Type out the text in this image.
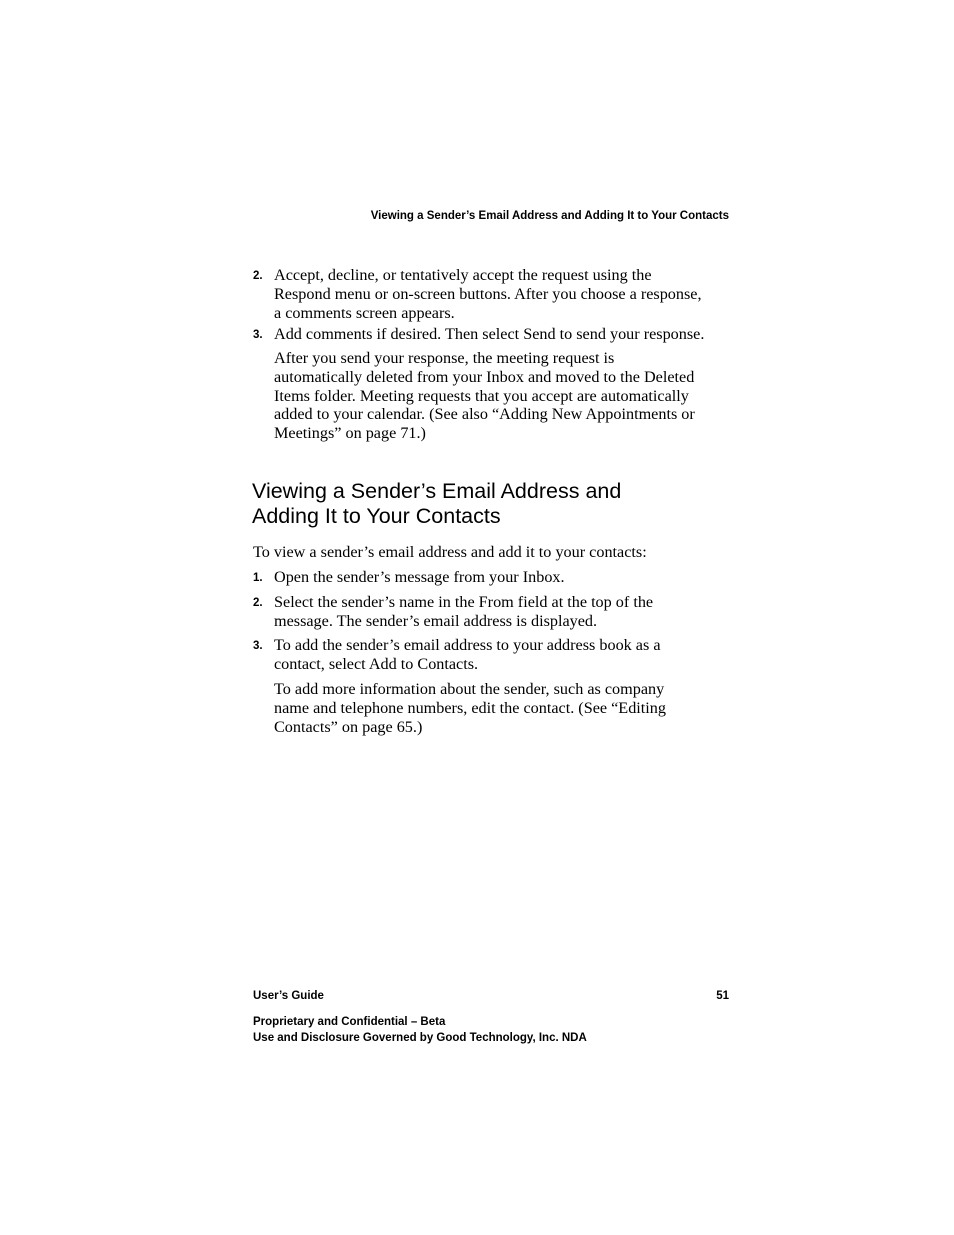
Viewing a Sender’s Email Address and Adding It to Your Contacts
2. Accept, decline, or tentatively accept the request using the
Respond menu or on-screen buttons. After you choose a response,
a comments screen appears.
3. Add comments if desired. Then select Send to send your response.
After you send your response, the meeting request is
automatically deleted from your Inbox and moved to the Deleted
Items folder. Meeting requests that you accept are automatically
added to your calendar. (See also “Adding New Appointments or
Meetings” on page 71.)
Viewing a Sender’s Email Address and
Adding It to Your Contacts
To view a sender’s email address and add it to your contacts:
1. Open the sender’s message from your Inbox.
2. Select the sender’s name in the From field at the top of the
message. The sender’s email address is displayed.
3. To add the sender’s email address to your address book as a
contact, select Add to Contacts.
To add more information about the sender, such as company
name and telephone numbers, edit the contact. (See “Editing
Contacts” on page 65.)
User’s Guide	51
Proprietary and Confidential – Beta
Use and Disclosure Governed by Good Technology, Inc. NDA
